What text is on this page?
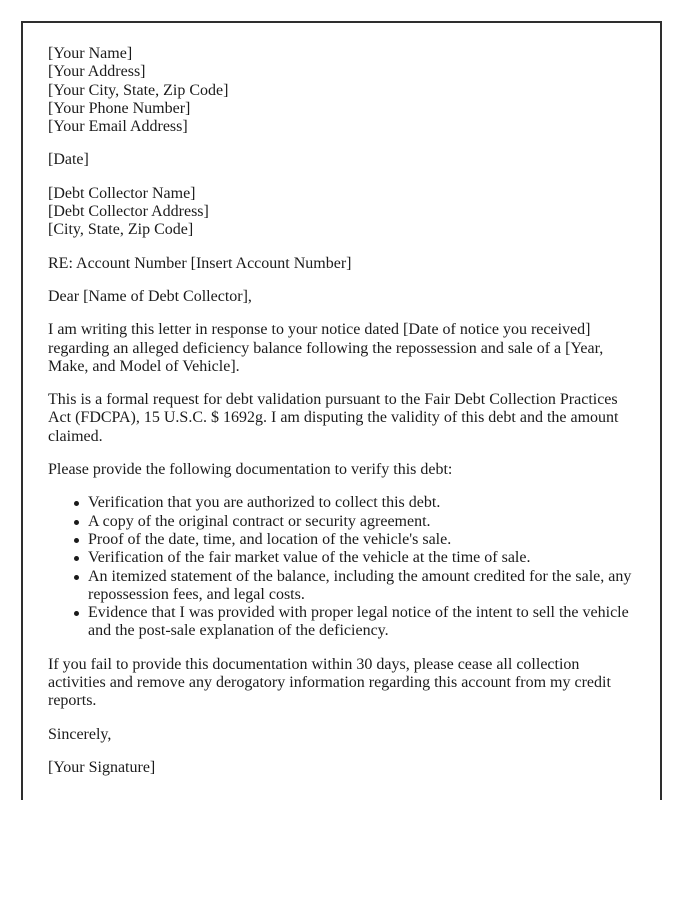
[Your Name]
[Your Address]
[Your City, State, Zip Code]
[Your Phone Number]
[Your Email Address]
[Date]
[Debt Collector Name]
[Debt Collector Address]
[City, State, Zip Code]
RE: Account Number [Insert Account Number]
Dear [Name of Debt Collector],
I am writing this letter in response to your notice dated [Date of notice you received]
regarding an alleged deficiency balance following the repossession and sale of a [Year,
Make, and Model of Vehicle].
This is a formal request for debt validation pursuant to the Fair Debt Collection Practices
Act (FDCPA), 15 U.S.C. $ 1692g. I am disputing the validity of this debt and the amount
claimed.
Please provide the following documentation to verify this debt:
Verification that you are authorized to collect this debt.
A copy of the original contract or security agreement.
Proof of the date, time, and location of the vehicle's sale.
Verification of the fair market value of the vehicle at the time of sale.
An itemized statement of the balance, including the amount credited for the sale, any
repossession fees, and legal costs.
Evidence that I was provided with proper legal notice of the intent to sell the vehicle
and the post-sale explanation of the deficiency.
If you fail to provide this documentation within 30 days, please cease all collection
activities and remove any derogatory information regarding this account from my credit
reports.
Sincerely,
[Your Signature]
